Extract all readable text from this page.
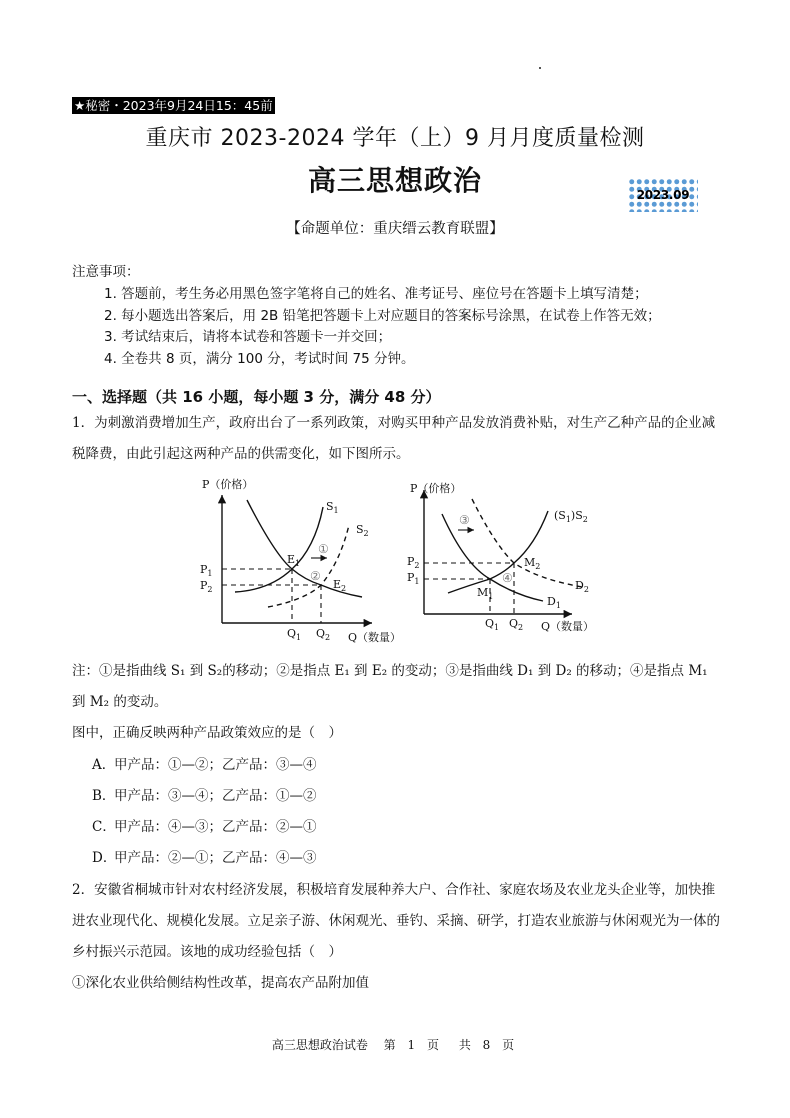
★秘密・2023年9月24日15：45前
重庆市 2023-2024 学年（上）9 月月度质量检测
高三思想政治	2023.09
【命题单位：重庆缙云教育联盟】
注意事项：
1. 答题前，考生务必用黑色签字笔将自己的姓名、准考证号、座位号在答题卡上填写清楚；
2. 每小题选出答案后，用 2B 铅笔把答题卡上对应题目的答案标号涂黑，在试卷上作答无效；
3. 考试结束后，请将本试卷和答题卡一并交回；
4. 全卷共 8 页，满分 100 分，考试时间 75 分钟。
一、选择题（共 16 小题，每小题 3 分，满分 48 分）
1．为刺激消费增加生产，政府出台了一系列政策，对购买甲种产品发放消费补贴，对生产乙种产品的企业减税降费，由此引起这两种产品的供需变化，如下图所示。
P（价格）
$P_1$
$P_2$
$Q_1$ $Q_2$ Q（数量）
$S_1$
$S_2$
$E_1$
$E_2$
①
②
P（价格）
$P_2$
$P_1$
$Q_1$ $Q_2$ Q（数量）
$(S_1)S_2$
$D_1$
$D_2$
$M_1$
$M_2$
③
④
注：①是指曲线 S₁ 到 S₂的移动；②是指点 E₁ 到 E₂ 的变动；③是指曲线 D₁ 到 D₂ 的移动；④是指点 M₁ 到 M₂ 的变动。
图中，正确反映两种产品政策效应的是（　）
A．甲产品：①—②；乙产品：③—④
B．甲产品：③—④；乙产品：①—②
C．甲产品：④—③；乙产品：②—①
D．甲产品：②—①；乙产品：④—③
2．安徽省桐城市针对农村经济发展，积极培育发展种养大户、合作社、家庭农场及农业龙头企业等，加快推进农业现代化、规模化发展。立足亲子游、休闲观光、垂钓、采摘、研学，打造农业旅游与休闲观光为一体的乡村振兴示范园。该地的成功经验包括（　）
①深化农业供给侧结构性改革，提高农产品附加值
高三思想政治试卷 第 1 页 共 8 页
